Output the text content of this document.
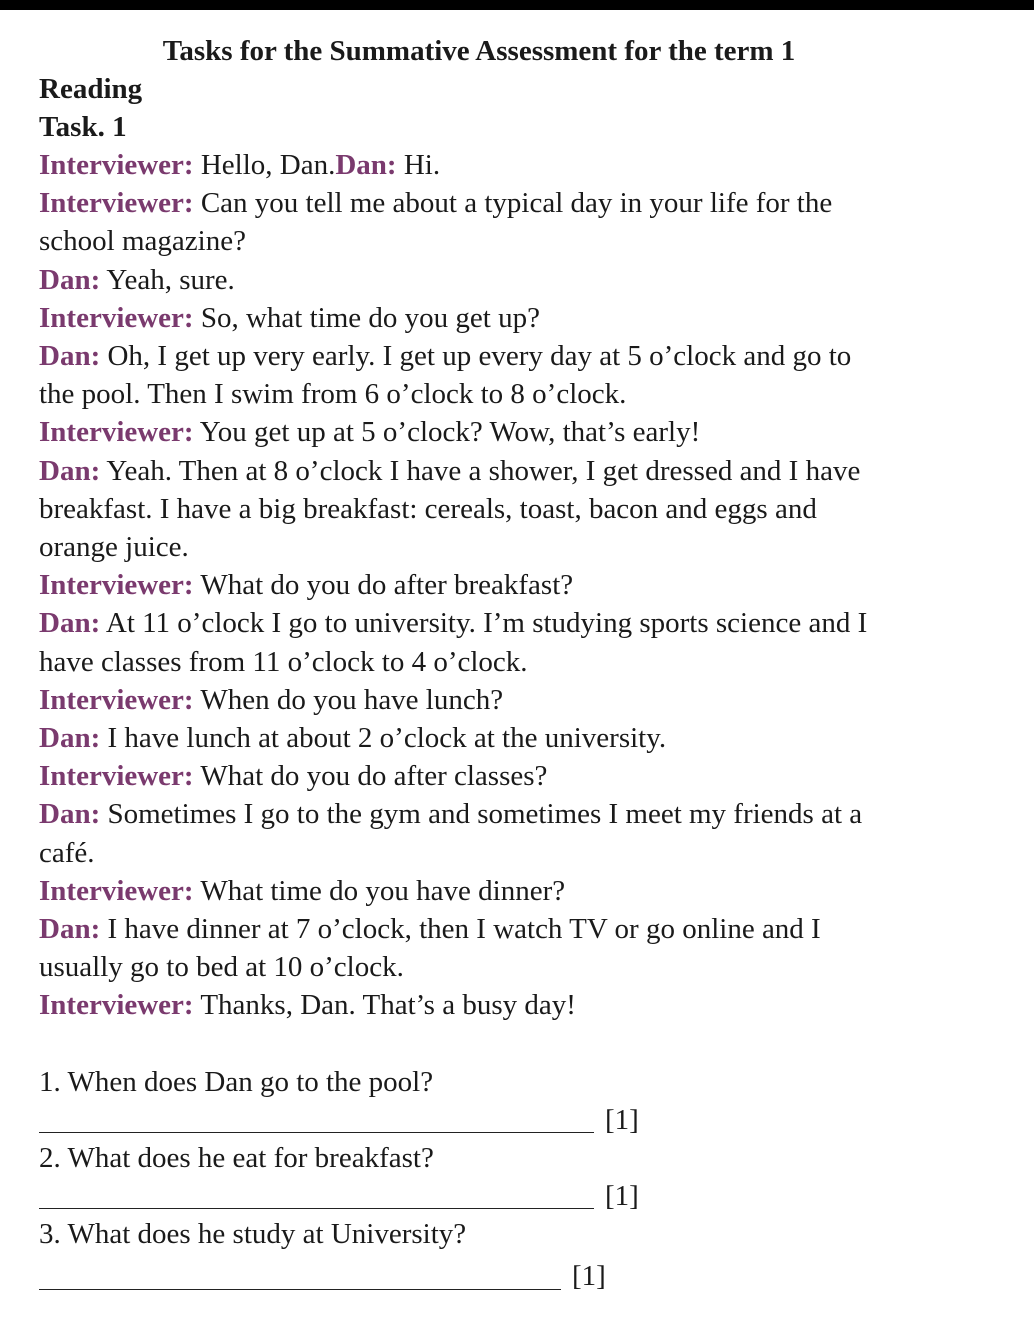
Tasks for the Summative Assessment for the term 1
Reading
Task. 1
Interviewer: Hello, Dan.Dan: Hi.
Interviewer: Can you tell me about a typical day in your life for the
school magazine?
Dan: Yeah, sure.
Interviewer: So, what time do you get up?
Dan: Oh, I get up very early. I get up every day at 5 o’clock and go to
the pool. Then I swim from 6 o’clock to 8 o’clock.
Interviewer: You get up at 5 o’clock? Wow, that’s early!
Dan: Yeah. Then at 8 o’clock I have a shower, I get dressed and I have
breakfast. I have a big breakfast: cereals, toast, bacon and eggs and
orange juice.
Interviewer: What do you do after breakfast?
Dan: At 11 o’clock I go to university. I’m studying sports science and I
have classes from 11 o’clock to 4 o’clock.
Interviewer: When do you have lunch?
Dan: I have lunch at about 2 o’clock at the university.
Interviewer: What do you do after classes?
Dan: Sometimes I go to the gym and sometimes I meet my friends at a
café.
Interviewer: What time do you have dinner?
Dan: I have dinner at 7 o’clock, then I watch TV or go online and I
usually go to bed at 10 o’clock.
Interviewer: Thanks, Dan. That’s a busy day!
1. When does Dan go to the pool?
[1]
2. What does he eat for breakfast?
[1]
3. What does he study at University?
[1]
